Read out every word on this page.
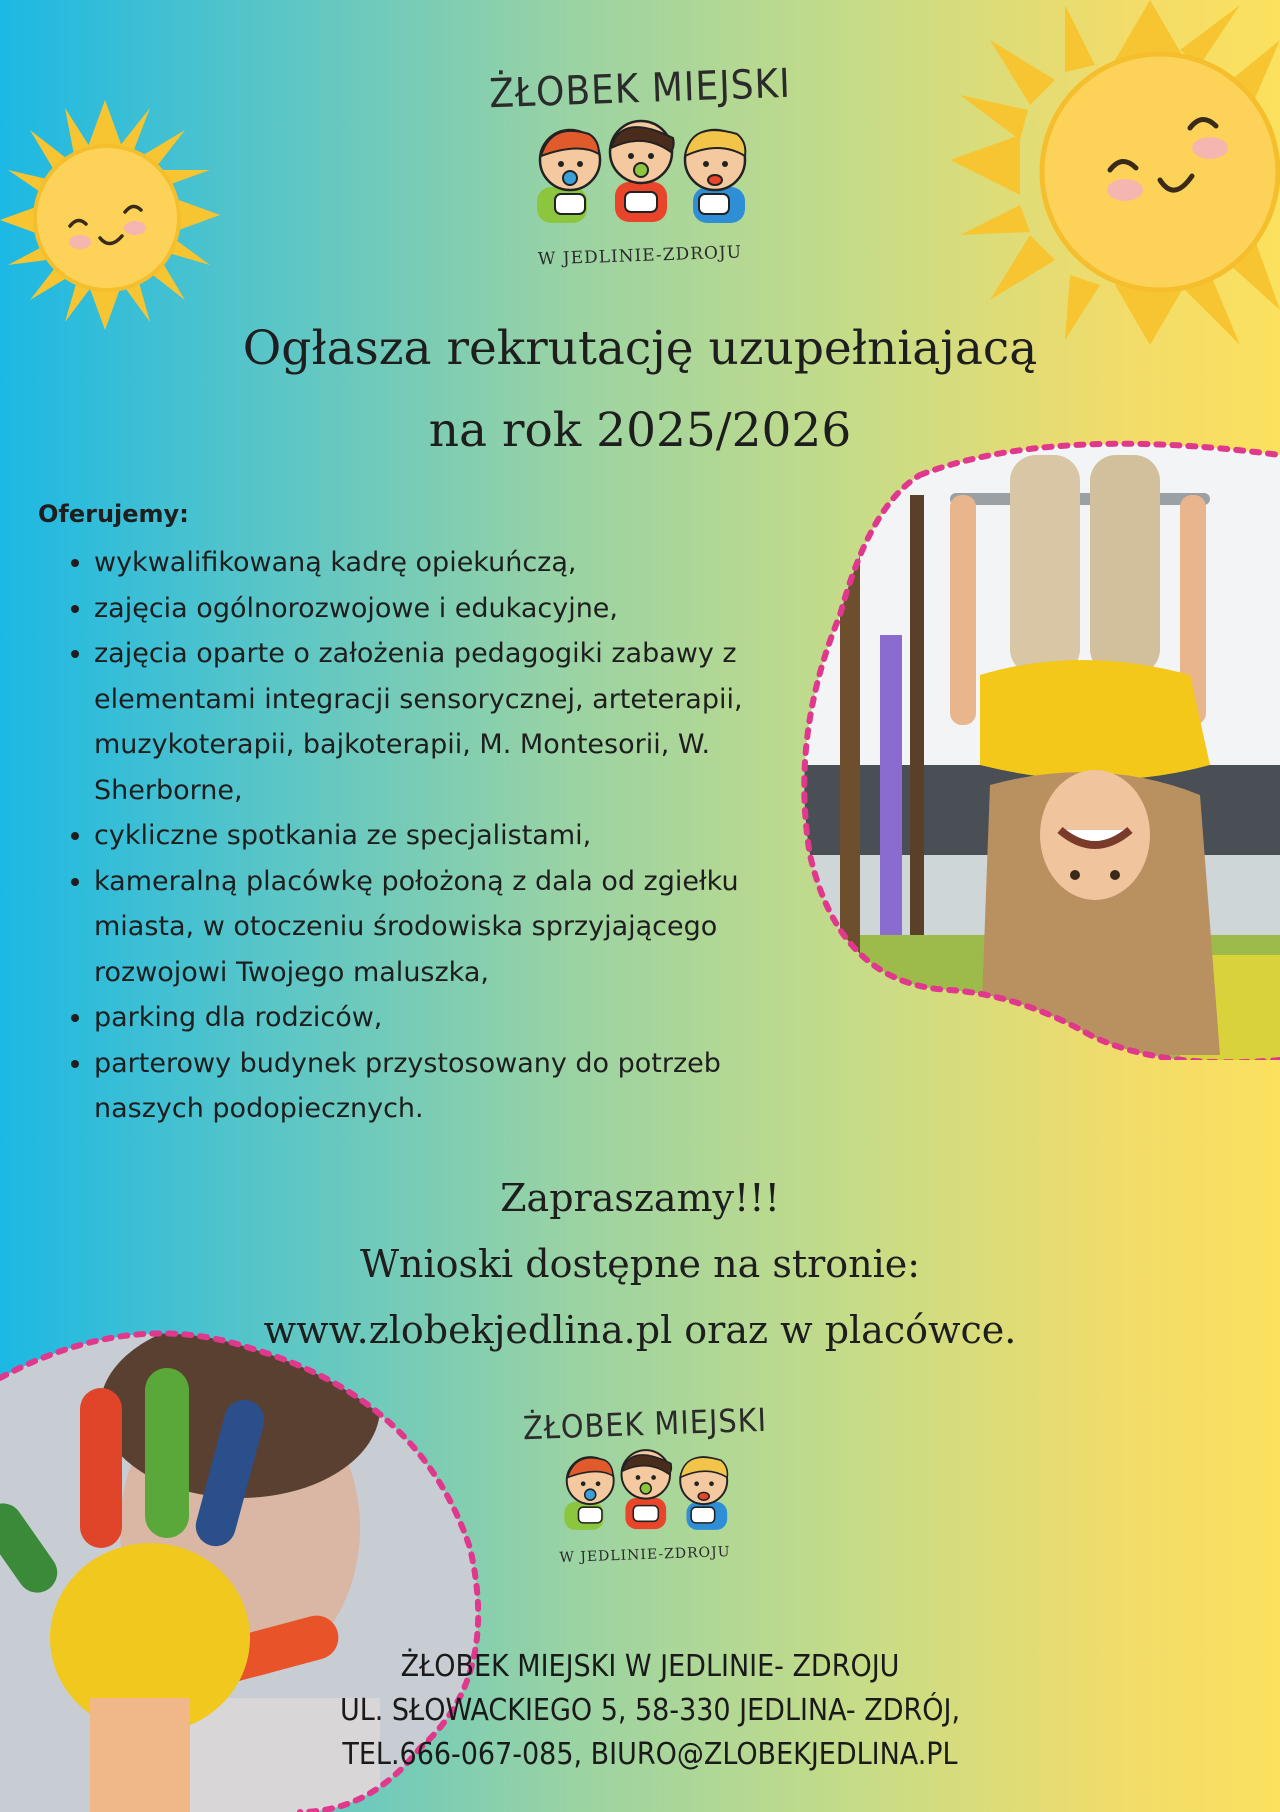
ŻŁOBEK MIEJSKI
W JEDLINIE-ZDROJU
Ogłasza rekrutację uzupełniajacą
na rok 2025/2026
Oferujemy:
• wykwalifikowaną kadrę opiekuńczą,
• zajęcia ogólnorozwojowe i edukacyjne,
• zajęcia oparte o założenia pedagogiki zabawy z elementami integracji sensorycznej, arteterapii, muzykoterapii, bajkoterapii, M. Montesorii, W. Sherborne,
• cykliczne spotkania ze specjalistami,
• kameralną placówkę położoną z dala od zgiełku miasta, w otoczeniu środowiska sprzyjającego rozwojowi Twojego maluszka,
• parking dla rodziców,
• parterowy budynek przystosowany do potrzeb naszych podopiecznych.
Zapraszamy!!!
Wnioski dostępne na stronie:
www.zlobekjedlina.pl oraz w placówce.
ŻŁOBEK MIEJSKI
W JEDLINIE-ZDROJU
ŻŁOBEK MIEJSKI W JEDLINIE- ZDROJU
UL. SŁOWACKIEGO 5, 58-330 JEDLINA- ZDRÓJ,
TEL.666-067-085, BIURO@ZLOBEKJEDLINA.PL
